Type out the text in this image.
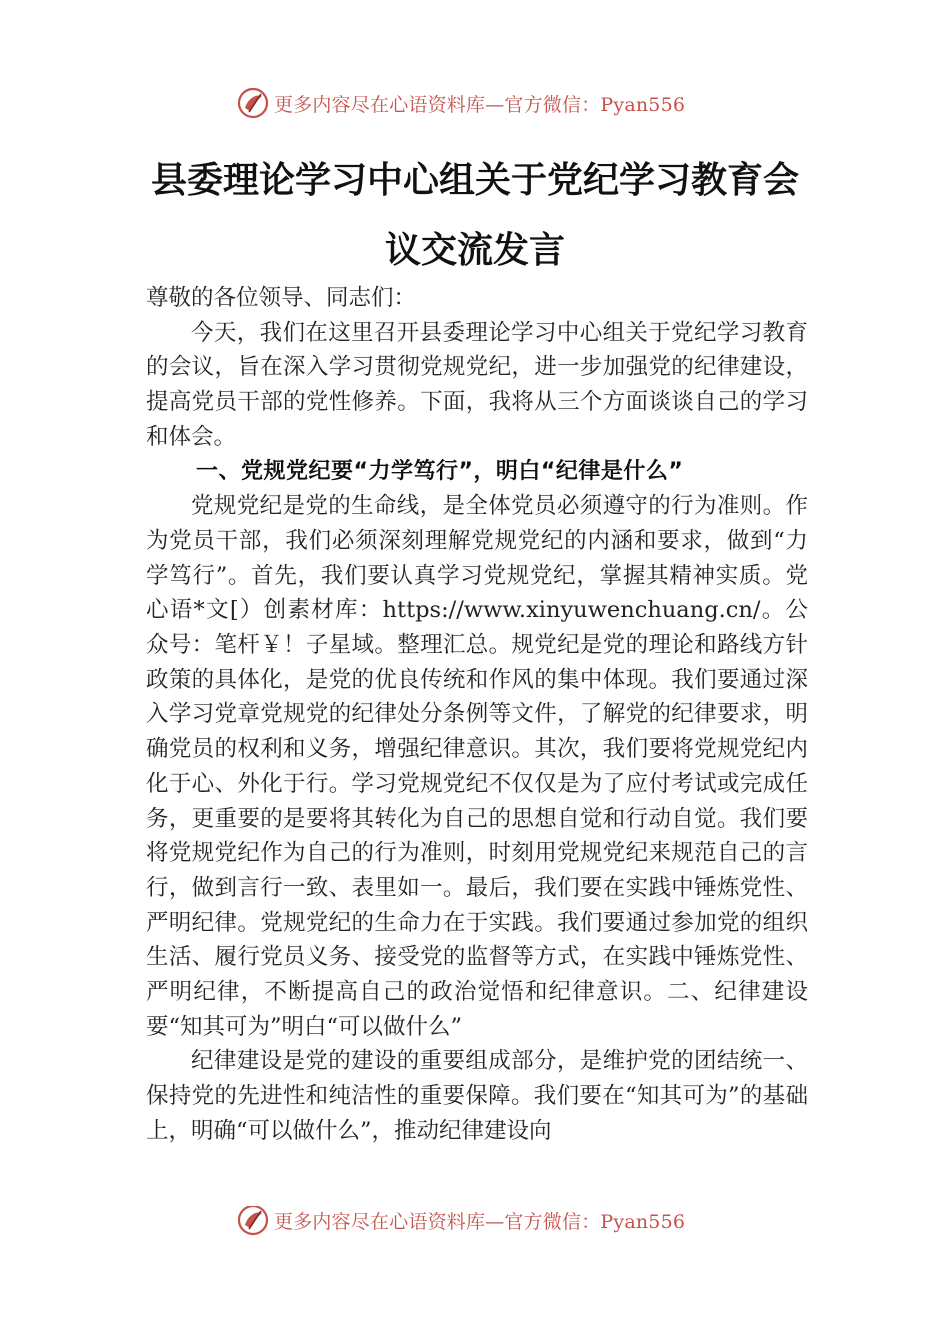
更多内容尽在心语资料库—官方微信：Pyan556
县委理论学习中心组关于党纪学习教育会
议交流发言

尊敬的各位领导、同志们：

今天，我们在这里召开县委理论学习中心组关于党纪学习教育的会议，旨在深入学习贯彻党规党纪，进一步加强党的纪律建设，提高党员干部的党性修养。下面，我将从三个方面谈谈自己的学习和体会。

一、党规党纪要“力学笃行”，明白“纪律是什么”

党规党纪是党的生命线，是全体党员必须遵守的行为准则。作为党员干部，我们必须深刻理解党规党纪的内涵和要求，做到“力学笃行”。首先，我们要认真学习党规党纪，掌握其精神实质。党心语*文[）创素材库：https://www.xinyuwenchuang.cn/。公众号：笔杆￥！子星域。整理汇总。规党纪是党的理论和路线方针政策的具体化，是党的优良传统和作风的集中体现。我们要通过深入学习党章党规党的纪律处分条例等文件，了解党的纪律要求，明确党员的权利和义务，增强纪律意识。其次，我们要将党规党纪内化于心、外化于行。学习党规党纪不仅仅是为了应付考试或完成任务，更重要的是要将其转化为自己的思想自觉和行动自觉。我们要将党规党纪作为自己的行为准则，时刻用党规党纪来规范自己的言行，做到言行一致、表里如一。最后，我们要在实践中锤炼党性、严明纪律。党规党纪的生命力在于实践。我们要通过参加党的组织生活、履行党员义务、接受党的监督等方式，在实践中锤炼党性、严明纪律，不断提高自己的政治觉悟和纪律意识。二、纪律建设要“知其可为”明白“可以做什么”

纪律建设是党的建设的重要组成部分，是维护党的团结统一、保持党的先进性和纯洁性的重要保障。我们要在“知其可为”的基础上，明确“可以做什么”，推动纪律建设向

更多内容尽在心语资料库—官方微信：Pyan556
